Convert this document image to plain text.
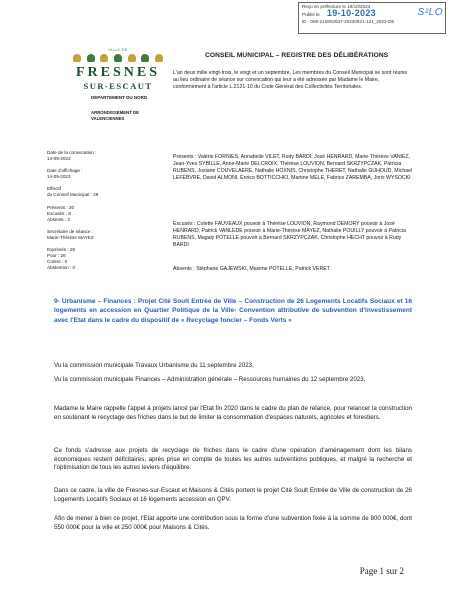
Reçu en préfecture le 19/10/2023
Publié le 19-10-2023
ID : 059-215902537-20230921-121_2023-DE
S²LO
VILLE DE
FRESNES
SUR-ESCAUT
DEPARTEMENT DU NORD
ARRONDISSEMENT DE
VALENCIENNES
Date de la convocation :
14-09-2023
Date d'affichage :
14-09-2023
Effectif
du Conseil Municipal : 29
Présents : 20
Excusés : 8
Absents : 3
Secrétaire de séance :
Marie-Thérèse MAYEZ
Exprimés : 26
Pour : 26
Contre : 0
Abstention : 0
CONSEIL MUNICIPAL – REGISTRE DES DÉLIBÉRATIONS
L'an deux mille vingt-trois, le vingt et un septembre, Les membres du Conseil Municipal se sont réunis au lieu ordinaire de séance sur convocation qui leur a été adressée par Madame le Maire, conformément à l'article L.2121-10 du Code Général des Collectivités Territoriales.
Présents : Valérie FORNIES, Annabelle VILET, Rudy BARDI, José HENRARD, Marie-Thérèse VANIEZ, Jean-Yves SYBILLE, Anne-Marie DELCROIX, Thérèse LOUVION, Bernard SKRZYPCZAK, Patricia RUBENS, Josiane COUVELAERE, Nathalie HOXNIS, Christophe THERET, Nathalie GUHOUD, Michael LEFEBVRE, David ALMONI, Enrico BOTTICCHIO, Martine MELE, Fabrice ZAREMBA, Joris WYSOCKI
Excusés : Colette FAUVEAUX pouvoir à Thérèse LOUVION, Raymond DEMORY pouvoir à José HENRARD, Patrick VANLEDE pouvoir à Marie-Thérèse MAYEZ, Nathalie POUILLY pouvoir à Patricia RUBENS, Magaly POTELLE pouvoir à Bernard SKRZYPCZAK, Christophe HECHT pouvoir à Rudy BARDI
Absents : Stéphane GAJEWSKI, Maxime POTELLE, Patrick VERET
9- Urbanisme – Finances : Projet Cité Soult Entrée de Ville – Construction de 26 Logements Locatifs Sociaux et 16 logements en accession en Quartier Politique de la Ville- Convention attributive de subvention d'investissement avec l'Etat dans le cadre du dispositif de « Recyclage foncier – Fonds Verts »
Vu la commission municipale Travaux Urbanisme du 11 septembre 2023,
Vu la commission municipale Finances – Administration générale – Ressources humaines du 12 septembre 2023,
Madame le Maire rappelle l'appel à projets lancé par l'Etat fin 2020 dans le cadre du plan de relance, pour relancer la construction en soutenant le recyclage des friches dans le but de limiter la consommation d'espaces naturels, agricoles et forestiers.
Ce fonds s'adresse aux projets de recyclage de friches dans le cadre d'une opération d'aménagement dont les bilans économiques restent déficitaires, après prise en compte de toutes les autres subventions publiques, et malgré la recherche et l'optimisation de tous les autres leviers d'équilibre.
Dans ce cadre, la ville de Fresnes-sur-Escaut et Maisons & Cités portent le projet Cité Soult Entrée de Ville de construction de 26 Logements Locatifs Sociaux et 16 logements accession en QPV.
Afin de mener à bien ce projet, l'Etat apporte une contribution sous la forme d'une subvention fixée à la somme de 800 000€, dont 550 000€ pour la ville et 250 000€ pour Maisons & Cités.
Page 1 sur 2
